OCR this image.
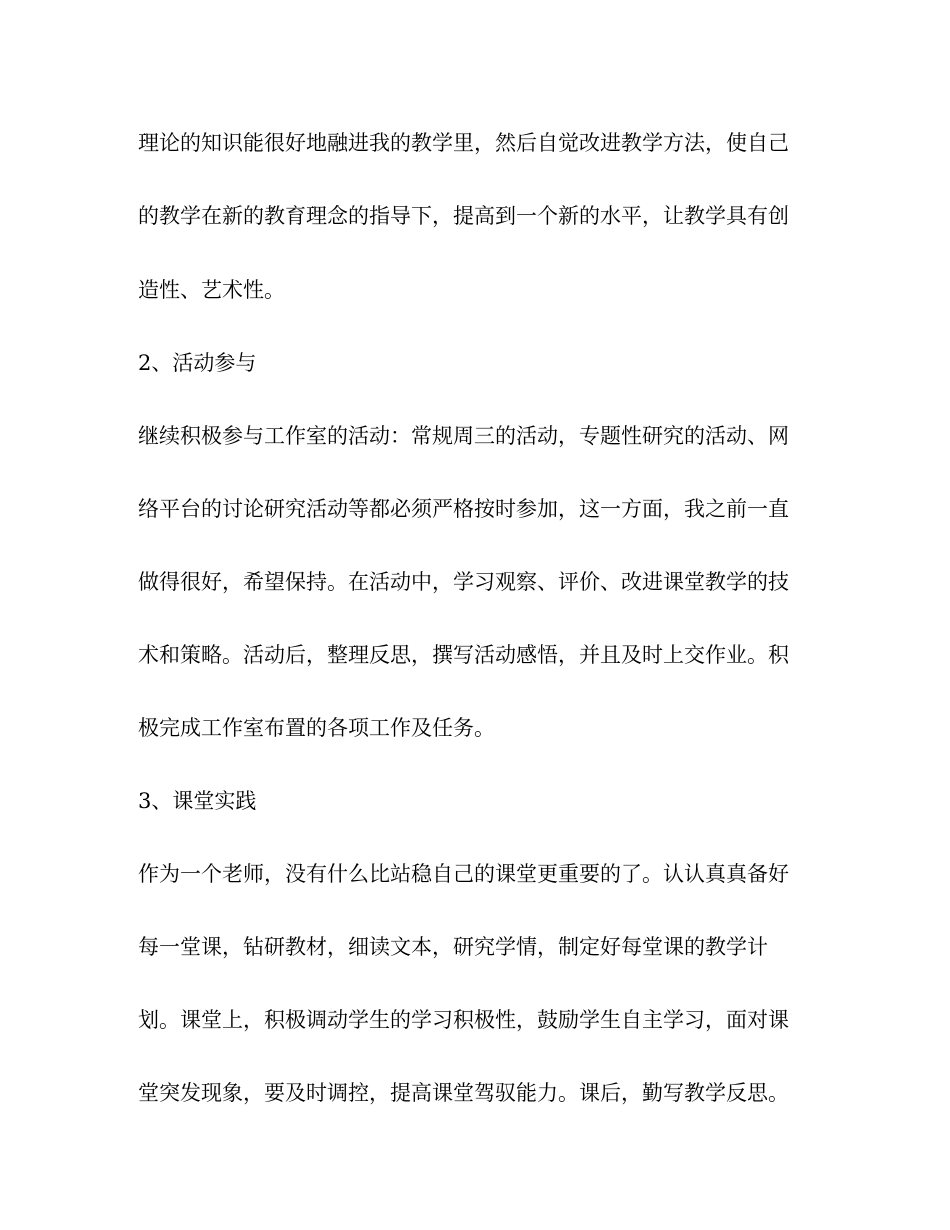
理论的知识能很好地融进我的教学里，然后自觉改进教学方法，使自己
的教学在新的教育理念的指导下，提高到一个新的水平，让教学具有创
造性、艺术性。
2、活动参与
继续积极参与工作室的活动：常规周三的活动，专题性研究的活动、网
络平台的讨论研究活动等都必须严格按时参加，这一方面，我之前一直
做得很好，希望保持。在活动中，学习观察、评价、改进课堂教学的技
术和策略。活动后，整理反思，撰写活动感悟，并且及时上交作业。积
极完成工作室布置的各项工作及任务。
3、课堂实践
作为一个老师，没有什么比站稳自己的课堂更重要的了。认认真真备好
每一堂课，钻研教材，细读文本，研究学情，制定好每堂课的教学计
划。课堂上，积极调动学生的学习积极性，鼓励学生自主学习，面对课
堂突发现象，要及时调控，提高课堂驾驭能力。课后，勤写教学反思。
